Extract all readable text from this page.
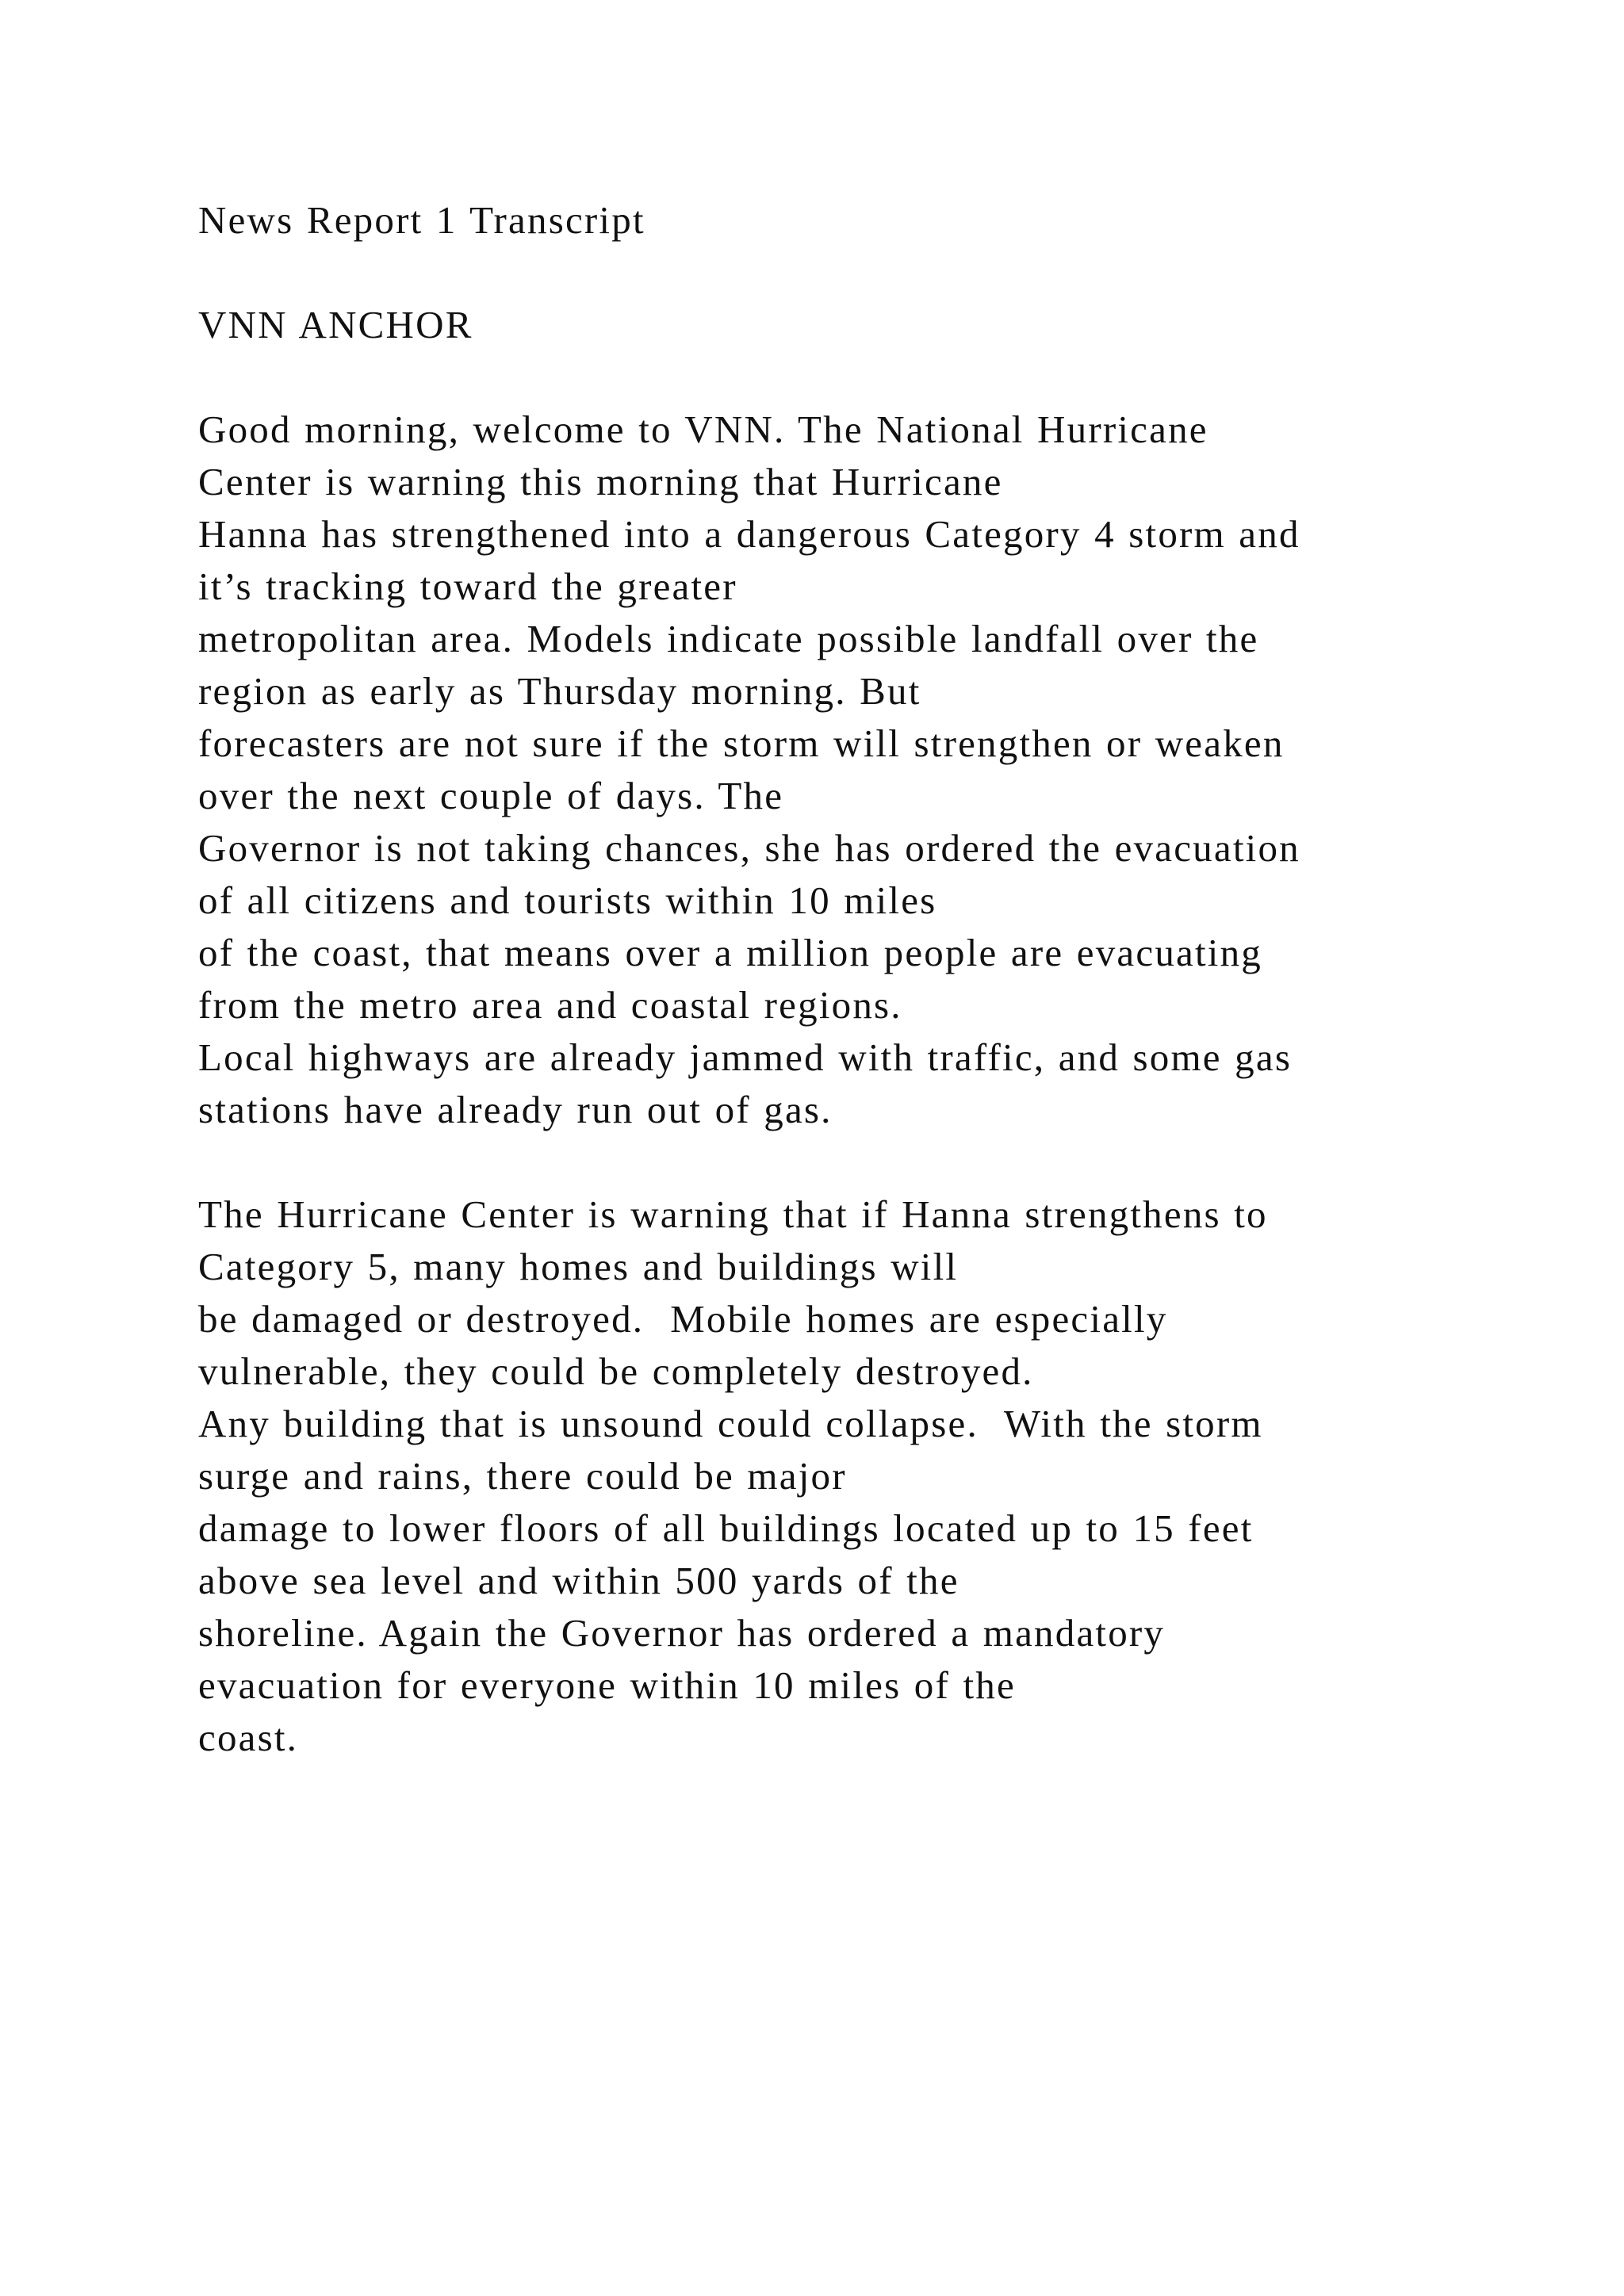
News Report 1 Transcript
VNN ANCHOR
Good morning, welcome to VNN. The National Hurricane
Center is warning this morning that Hurricane
Hanna has strengthened into a dangerous Category 4 storm and
it’s tracking toward the greater
metropolitan area. Models indicate possible landfall over the
region as early as Thursday morning. But
forecasters are not sure if the storm will strengthen or weaken
over the next couple of days. The
Governor is not taking chances, she has ordered the evacuation
of all citizens and tourists within 10 miles
of the coast, that means over a million people are evacuating
from the metro area and coastal regions.
Local highways are already jammed with traffic, and some gas
stations have already run out of gas.
The Hurricane Center is warning that if Hanna strengthens to
Category 5, many homes and buildings will
be damaged or destroyed.  Mobile homes are especially
vulnerable, they could be completely destroyed.
Any building that is unsound could collapse.  With the storm
surge and rains, there could be major
damage to lower floors of all buildings located up to 15 feet
above sea level and within 500 yards of the
shoreline. Again the Governor has ordered a mandatory
evacuation for everyone within 10 miles of the
coast.
